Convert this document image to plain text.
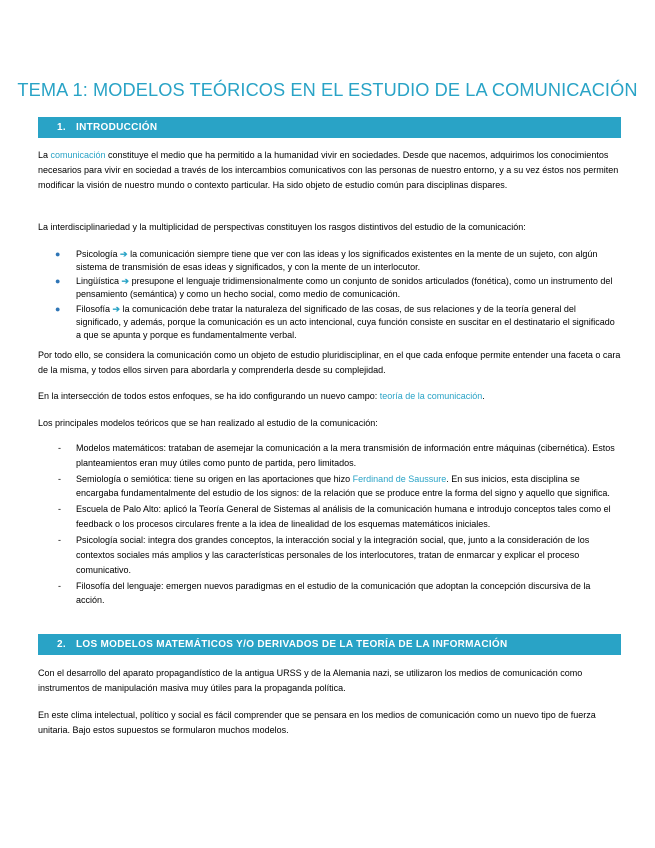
TEMA 1: MODELOS TEÓRICOS EN EL ESTUDIO DE LA COMUNICACIÓN
1. INTRODUCCIÓN

La comunicación constituye el medio que ha permitido a la humanidad vivir en sociedades. Desde que nacemos, adquirimos los conocimientos necesarios para vivir en sociedad a través de los intercambios comunicativos con las personas de nuestro entorno, y a su vez éstos nos permiten modificar la visión de nuestro mundo o contexto particular. Ha sido objeto de estudio común para disciplinas dispares.

La interdisciplinariedad y la multiplicidad de perspectivas constituyen los rasgos distintivos del estudio de la comunicación:

● Psicología ➔ la comunicación siempre tiene que ver con las ideas y los significados existentes en la mente de un sujeto, con algún sistema de transmisión de esas ideas y significados, y con la mente de un interlocutor.
● Lingüística ➔ presupone el lenguaje tridimensionalmente como un conjunto de sonidos articulados (fonética), como un instrumento del pensamiento (semántica) y como un hecho social, como medio de comunicación.
● Filosofía ➔ la comunicación debe tratar la naturaleza del significado de las cosas, de sus relaciones y de la teoría general del significado, y además, porque la comunicación es un acto intencional, cuya función consiste en suscitar en el destinatario el significado a que se apunta y porque es fundamentalmente verbal.

Por todo ello, se considera la comunicación como un objeto de estudio pluridisciplinar, en el que cada enfoque permite entender una faceta o cara de la misma, y todos ellos sirven para abordarla y comprenderla desde su complejidad.

En la intersección de todos estos enfoques, se ha ido configurando un nuevo campo: teoría de la comunicación.

Los principales modelos teóricos que se han realizado al estudio de la comunicación:

- Modelos matemáticos: trataban de asemejar la comunicación a la mera transmisión de información entre máquinas (cibernética). Estos planteamientos eran muy útiles como punto de partida, pero limitados.
- Semiología o semiótica: tiene su origen en las aportaciones que hizo Ferdinand de Saussure. En sus inicios, esta disciplina se encargaba fundamentalmente del estudio de los signos: de la relación que se produce entre la forma del signo y aquello que significa.
- Escuela de Palo Alto: aplicó la Teoría General de Sistemas al análisis de la comunicación humana e introdujo conceptos tales como el feedback o los procesos circulares frente a la idea de linealidad de los esquemas matemáticos iniciales.
- Psicología social: integra dos grandes conceptos, la interacción social y la integración social, que, junto a la consideración de los contextos sociales más amplios y las características personales de los interlocutores, tratan de enmarcar y explicar el proceso comunicativo.
- Filosofía del lenguaje: emergen nuevos paradigmas en el estudio de la comunicación que adoptan la concepción discursiva de la acción.
2. LOS MODELOS MATEMÁTICOS Y/O DERIVADOS DE LA TEORÍA DE LA INFORMACIÓN

Con el desarrollo del aparato propagandístico de la antigua URSS y de la Alemania nazi, se utilizaron los medios de comunicación como instrumentos de manipulación masiva muy útiles para la propaganda política.

En este clima intelectual, político y social es fácil comprender que se pensara en los medios de comunicación como un nuevo tipo de fuerza unitaria. Bajo estos supuestos se formularon muchos modelos.
